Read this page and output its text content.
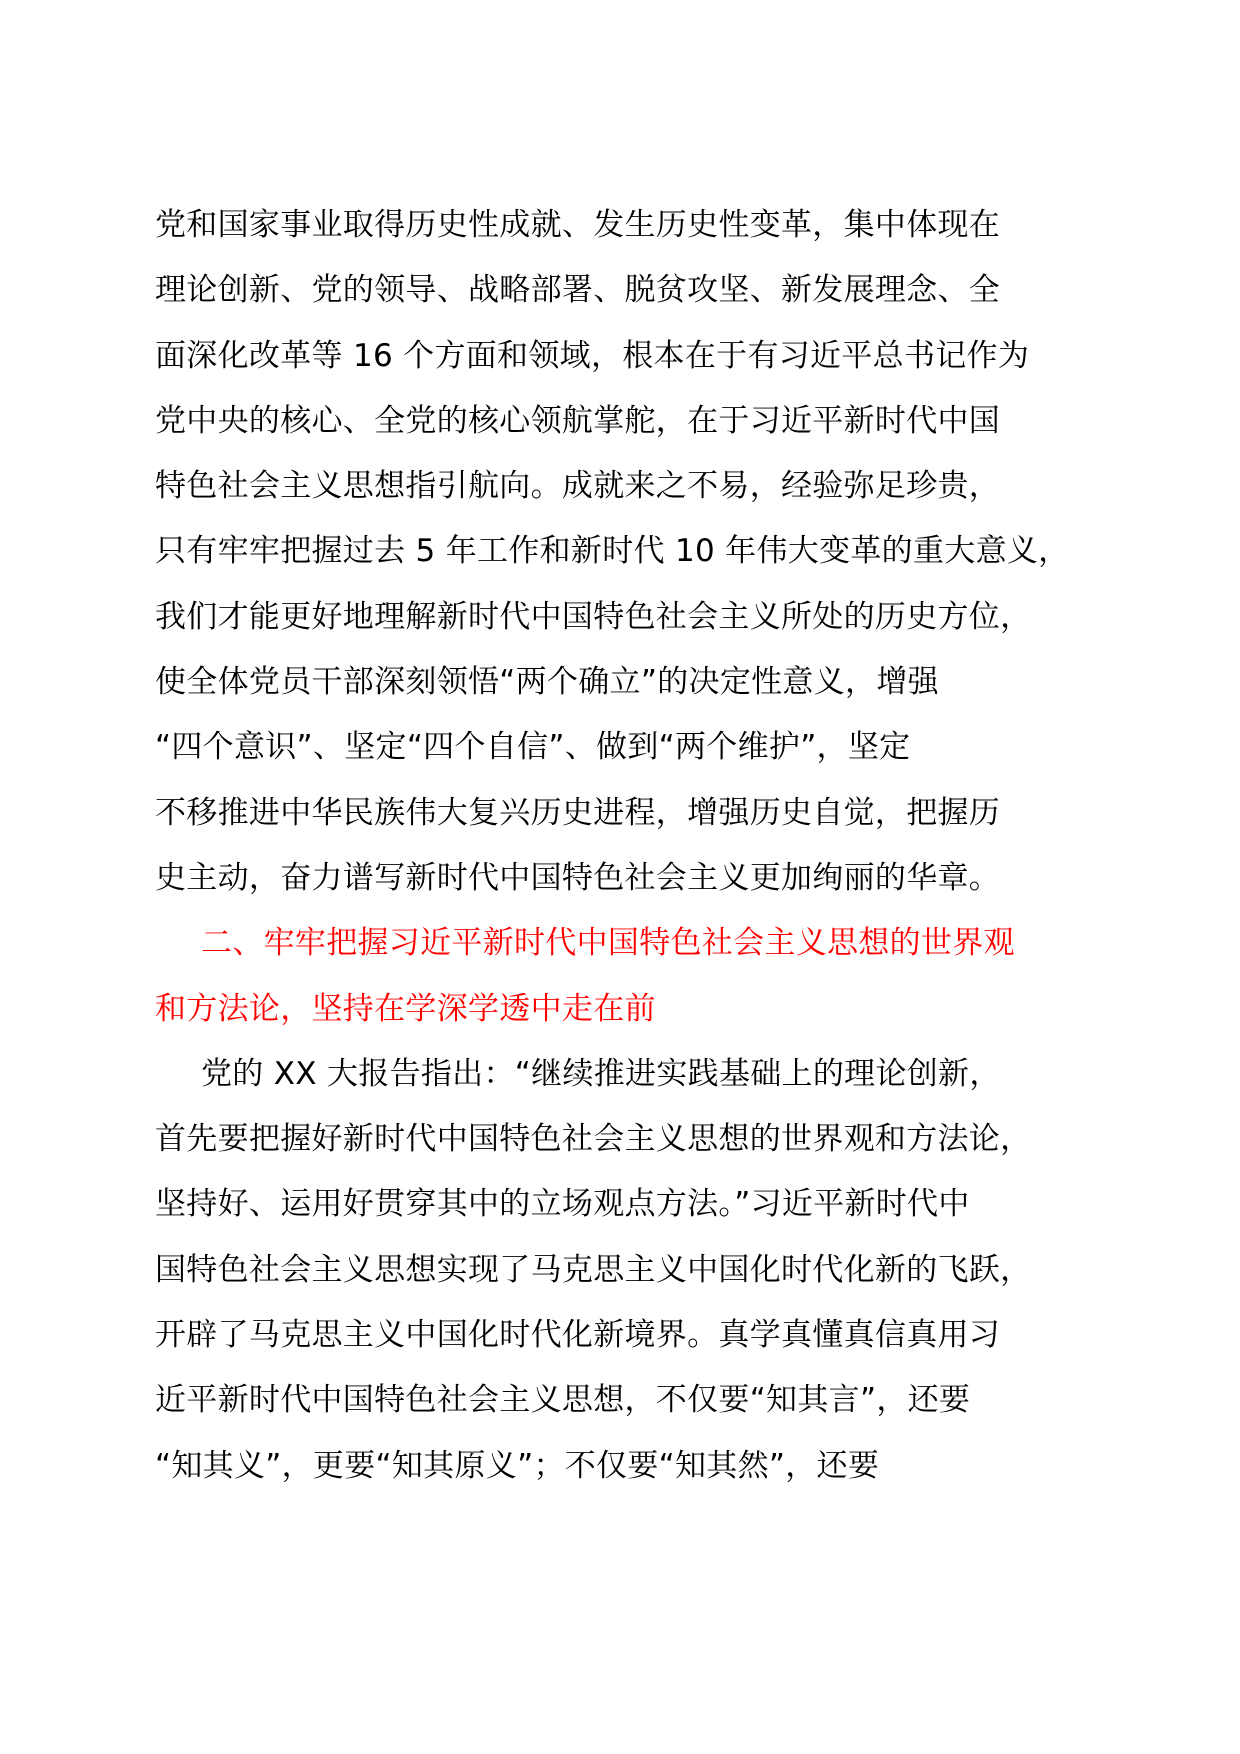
党和国家事业取得历史性成就、发生历史性变革，集中体现在
理论创新、党的领导、战略部署、脱贫攻坚、新发展理念、全
面深化改革等 16 个方面和领域，根本在于有习近平总书记作为
党中央的核心、全党的核心领航掌舵，在于习近平新时代中国
特色社会主义思想指引航向。成就来之不易，经验弥足珍贵，
只有牢牢把握过去 5 年工作和新时代 10 年伟大变革的重大意义，
我们才能更好地理解新时代中国特色社会主义所处的历史方位，
使全体党员干部深刻领悟“两个确立”的决定性意义，增强
“四个意识”、坚定“四个自信”、做到“两个维护”，坚定
不移推进中华民族伟大复兴历史进程，增强历史自觉，把握历
史主动，奋力谱写新时代中国特色社会主义更加绚丽的华章。
二、牢牢把握习近平新时代中国特色社会主义思想的世界观
和方法论，坚持在学深学透中走在前
党的 XX 大报告指出：“继续推进实践基础上的理论创新，
首先要把握好新时代中国特色社会主义思想的世界观和方法论，
坚持好、运用好贯穿其中的立场观点方法。”习近平新时代中
国特色社会主义思想实现了马克思主义中国化时代化新的飞跃，
开辟了马克思主义中国化时代化新境界。真学真懂真信真用习
近平新时代中国特色社会主义思想，不仅要“知其言”，还要
“知其义”，更要“知其原义”；不仅要“知其然”，还要
